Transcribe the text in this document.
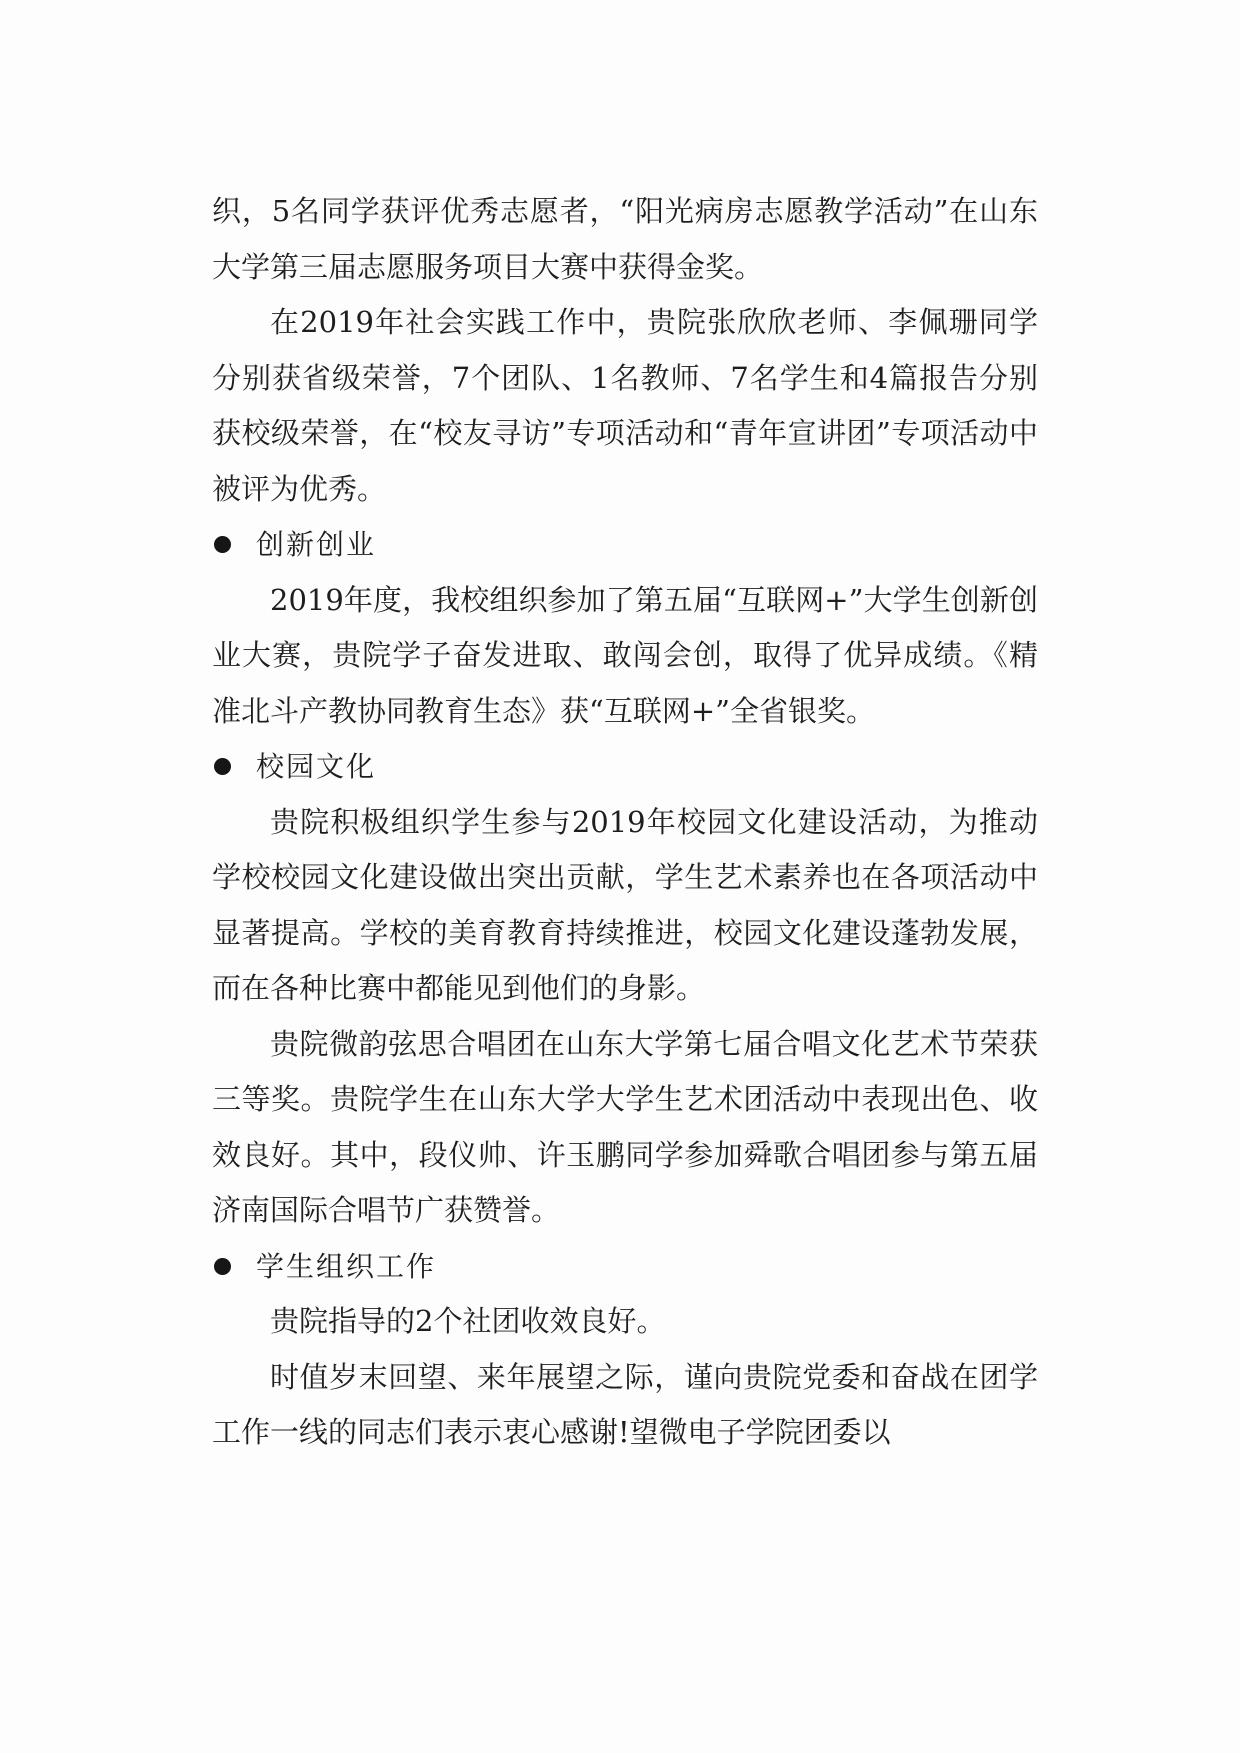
织，5名同学获评优秀志愿者，“阳光病房志愿教学活动”在山东大学第三届志愿服务项目大赛中获得金奖。

在2019年社会实践工作中，贵院张欣欣老师、李佩珊同学分别获省级荣誉，7个团队、1名教师、7名学生和4篇报告分别获校级荣誉，在“校友寻访”专项活动和“青年宣讲团”专项活动中被评为优秀。

创新创业

2019年度，我校组织参加了第五届“互联网+”大学生创新创业大赛，贵院学子奋发进取、敢闯会创，取得了优异成绩。《精准北斗产教协同教育生态》获“互联网+”全省银奖。

校园文化

贵院积极组织学生参与2019年校园文化建设活动，为推动学校校园文化建设做出突出贡献，学生艺术素养也在各项活动中显著提高。学校的美育教育持续推进，校园文化建设蓬勃发展，而在各种比赛中都能见到他们的身影。

贵院微韵弦思合唱团在山东大学第七届合唱文化艺术节荣获三等奖。贵院学生在山东大学大学生艺术团活动中表现出色、收效良好。其中，段仪帅、许玉鹏同学参加舜歌合唱团参与第五届济南国际合唱节广获赞誉。

学生组织工作

贵院指导的2个社团收效良好。

时值岁末回望、来年展望之际，谨向贵院党委和奋战在团学工作一线的同志们表示衷心感谢!望微电子学院团委以
